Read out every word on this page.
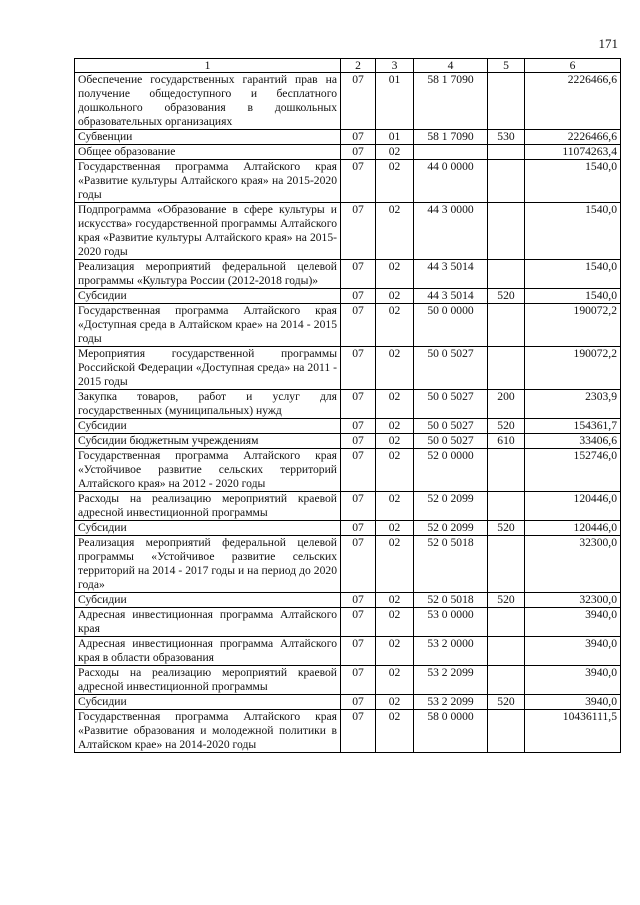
171
1	2	3	4	5	6
Обеспечение государственных гарантий прав на получение общедоступного и бесплатного дошкольного образования в дошкольных образовательных организациях	07	01	58 1 7090		2226466,6
Субвенции	07	01	58 1 7090	530	2226466,6
Общее образование	07	02			11074263,4
Государственная программа Алтайского края «Развитие культуры Алтайского края» на 2015-2020 годы	07	02	44 0 0000		1540,0
Подпрограмма «Образование в сфере культуры и искусства» государственной программы Алтайского края «Развитие культуры Алтайского края» на 2015-2020 годы	07	02	44 3 0000		1540,0
Реализация мероприятий федеральной целевой программы «Культура России (2012-2018 годы)»	07	02	44 3 5014		1540,0
Субсидии	07	02	44 3 5014	520	1540,0
Государственная программа Алтайского края «Доступная среда в Алтайском крае» на 2014 - 2015 годы	07	02	50 0 0000		190072,2
Мероприятия государственной программы Российской Федерации «Доступная среда» на 2011 - 2015 годы	07	02	50 0 5027		190072,2
Закупка товаров, работ и услуг для государственных (муниципальных) нужд	07	02	50 0 5027	200	2303,9
Субсидии	07	02	50 0 5027	520	154361,7
Субсидии бюджетным учреждениям	07	02	50 0 5027	610	33406,6
Государственная программа Алтайского края «Устойчивое развитие сельских территорий Алтайского края» на 2012 - 2020 годы	07	02	52 0 0000		152746,0
Расходы на реализацию мероприятий краевой адресной инвестиционной программы	07	02	52 0 2099		120446,0
Субсидии	07	02	52 0 2099	520	120446,0
Реализация мероприятий федеральной целевой программы «Устойчивое развитие сельских территорий на 2014 - 2017 годы и на период до 2020 года»	07	02	52 0 5018		32300,0
Субсидии	07	02	52 0 5018	520	32300,0
Адресная инвестиционная программа Алтайского края	07	02	53 0 0000		3940,0
Адресная инвестиционная программа Алтайского края в области образования	07	02	53 2 0000		3940,0
Расходы на реализацию мероприятий краевой адресной инвестиционной программы	07	02	53 2 2099		3940,0
Субсидии	07	02	53 2 2099	520	3940,0
Государственная программа Алтайского края «Развитие образования и молодежной политики в Алтайском крае» на 2014-2020 годы	07	02	58 0 0000		10436111,5
